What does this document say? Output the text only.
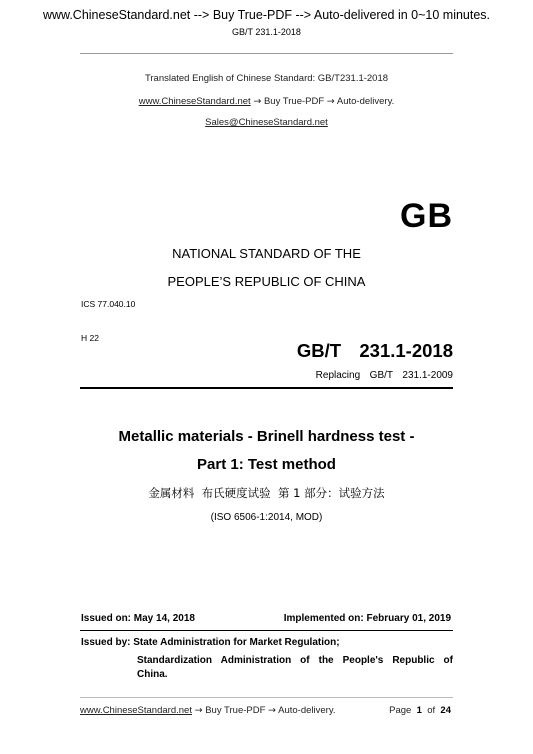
www.ChineseStandard.net --> Buy True-PDF --> Auto-delivered in 0~10 minutes.
GB/T 231.1-2018
Translated English of Chinese Standard: GB/T231.1-2018
www.ChineseStandard.net → Buy True-PDF → Auto-delivery.
Sales@ChineseStandard.net
GB
NATIONAL STANDARD OF THE
PEOPLE’S REPUBLIC OF CHINA
ICS 77.040.10
H 22
GB/T  231.1-2018
Replacing  GB/T  231.1-2009
Metallic materials - Brinell hardness test -
Part 1: Test method
金属材料  布氏硬度试验  第 1 部分：试验方法
(ISO 6506-1:2014, MOD)
Issued on: May 14, 2018	Implemented on: February 01, 2019
Issued by: State Administration for Market Regulation;
Standardization Administration of the People's Republic of
China.
www.ChineseStandard.net → Buy True-PDF → Auto-delivery.	Page 1 of 24
